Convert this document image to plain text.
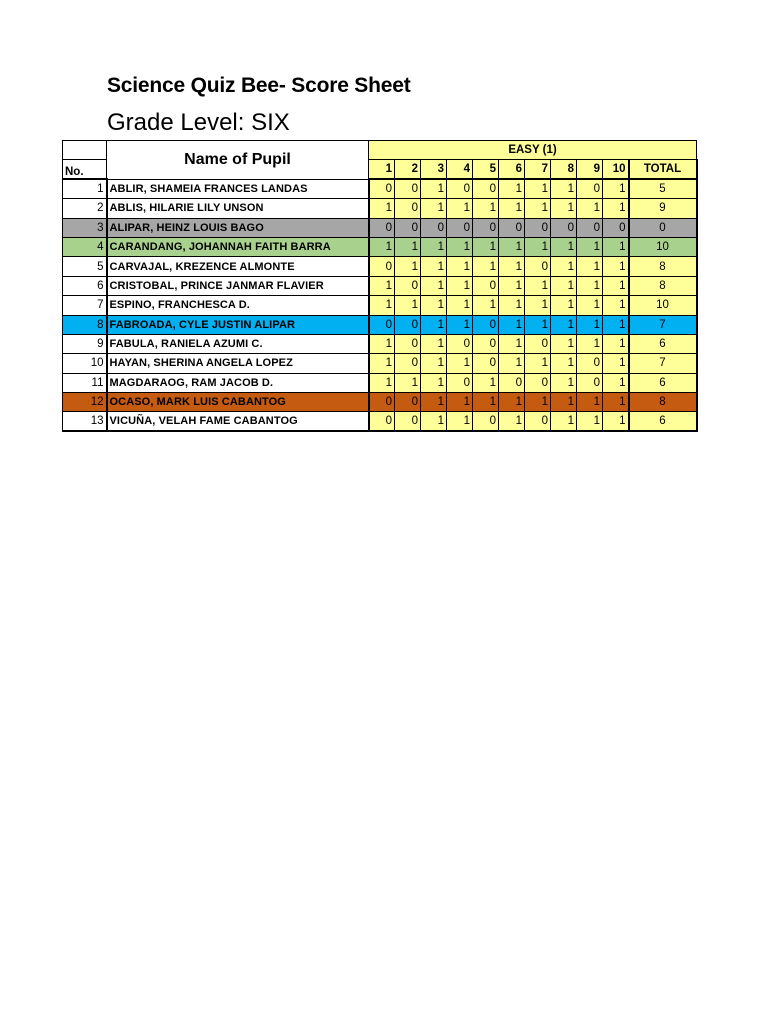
Science Quiz Bee- Score Sheet
Grade Level: SIX
	Name of Pupil	EASY (1)										
No.		1	2	3	4	5	6	7	8	9	10	TOTAL
1	ABLIR, SHAMEIA FRANCES LANDAS	0	0	1	0	0	1	1	1	0	1	5
2	ABLIS, HILARIE LILY UNSON	1	0	1	1	1	1	1	1	1	1	9
3	ALIPAR, HEINZ LOUIS BAGO	0	0	0	0	0	0	0	0	0	0	0
4	CARANDANG, JOHANNAH FAITH BARRA	1	1	1	1	1	1	1	1	1	1	10
5	CARVAJAL, KREZENCE ALMONTE	0	1	1	1	1	1	0	1	1	1	8
6	CRISTOBAL, PRINCE JANMAR FLAVIER	1	0	1	1	0	1	1	1	1	1	8
7	ESPINO, FRANCHESCA D.	1	1	1	1	1	1	1	1	1	1	10
8	FABROADA, CYLE JUSTIN ALIPAR	0	0	1	1	0	1	1	1	1	1	7
9	FABULA, RANIELA AZUMI C.	1	0	1	0	0	1	0	1	1	1	6
10	HAYAN, SHERINA ANGELA LOPEZ	1	0	1	1	0	1	1	1	0	1	7
11	MAGDARAOG, RAM JACOB D.	1	1	1	0	1	0	0	1	0	1	6
12	OCASO, MARK LUIS CABANTOG	0	0	1	1	1	1	1	1	1	1	8
13	VICUÑA, VELAH FAME CABANTOG	0	0	1	1	0	1	0	1	1	1	6
